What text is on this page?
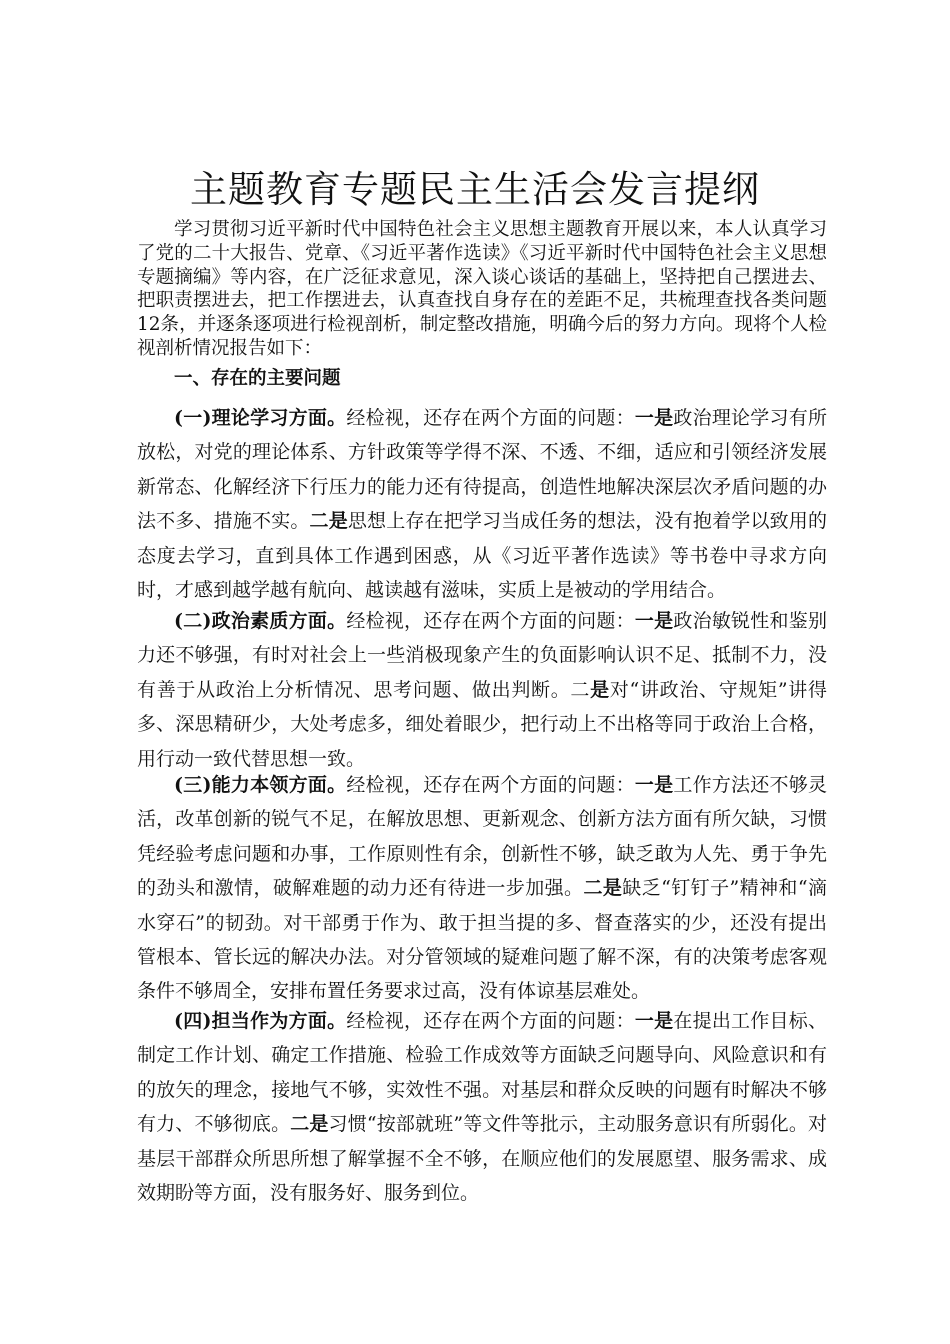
主题教育专题民主生活会发言提纲

学习贯彻习近平新时代中国特色社会主义思想主题教育开展以来，本人认真学习了党的二十大报告、党章、《习近平著作选读》《习近平新时代中国特色社会主义思想专题摘编》等内容，在广泛征求意见，深入谈心谈话的基础上，坚持把自己摆进去、把职责摆进去，把工作摆进去，认真查找自身存在的差距不足，共梳理查找各类问题12条，并逐条逐项进行检视剖析，制定整改措施，明确今后的努力方向。现将个人检视剖析情况报告如下：

一、存在的主要问题

(一)理论学习方面。经检视，还存在两个方面的问题：一是政治理论学习有所放松，对党的理论体系、方针政策等学得不深、不透、不细，适应和引领经济发展新常态、化解经济下行压力的能力还有待提高，创造性地解决深层次矛盾问题的办法不多、措施不实。二是思想上存在把学习当成任务的想法，没有抱着学以致用的态度去学习，直到具体工作遇到困惑，从《习近平著作选读》等书卷中寻求方向时，才感到越学越有航向、越读越有滋味，实质上是被动的学用结合。

(二)政治素质方面。经检视，还存在两个方面的问题：一是政治敏锐性和鉴别力还不够强，有时对社会上一些消极现象产生的负面影响认识不足、抵制不力，没有善于从政治上分析情况、思考问题、做出判断。二是对“讲政治、守规矩”讲得多、深思精研少，大处考虑多，细处着眼少，把行动上不出格等同于政治上合格，用行动一致代替思想一致。

(三)能力本领方面。经检视，还存在两个方面的问题：一是工作方法还不够灵活，改革创新的锐气不足，在解放思想、更新观念、创新方法方面有所欠缺，习惯凭经验考虑问题和办事，工作原则性有余，创新性不够，缺乏敢为人先、勇于争先的劲头和激情，破解难题的动力还有待进一步加强。二是缺乏“钉钉子”精神和“滴水穿石”的韧劲。对干部勇于作为、敢于担当提的多、督查落实的少，还没有提出管根本、管长远的解决办法。对分管领域的疑难问题了解不深，有的决策考虑客观条件不够周全，安排布置任务要求过高，没有体谅基层难处。

(四)担当作为方面。经检视，还存在两个方面的问题：一是在提出工作目标、制定工作计划、确定工作措施、检验工作成效等方面缺乏问题导向、风险意识和有的放矢的理念，接地气不够，实效性不强。对基层和群众反映的问题有时解决不够有力、不够彻底。二是习惯“按部就班”等文件等批示，主动服务意识有所弱化。对基层干部群众所思所想了解掌握不全不够，在顺应他们的发展愿望、服务需求、成效期盼等方面，没有服务好、服务到位。
